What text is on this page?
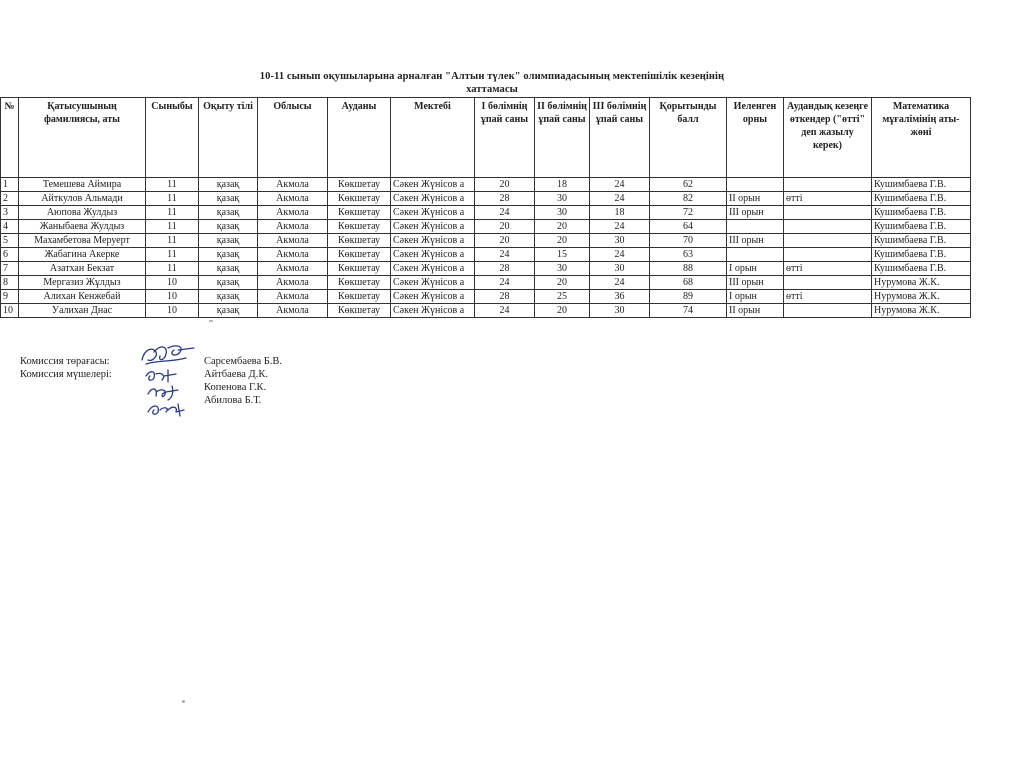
10-11 сынып оқушыларына арналған "Алтын түлек" олимпиадасының мектепішілік кезеңінің
хаттамасы
№	Қатысушының фамилиясы, аты	Сыныбы	Оқыту тілі	Облысы	Ауданы	Мектебі	І бөлімнің ұпай саны	ІІ бөлімнің ұпай саны	ІІІ бөлімнің ұпай саны	Қорытынды балл	Иеленген орны	Аудандық кезеңге өткендер ("өтті" деп жазылу керек)	Математика мұғалімінің аты-жөні
1	Темешева Аймира	11	қазақ	Акмола	Көкшетау	Сәкен Жүнісов а	20	18	24	62			Кушимбаева Г.В.
2	Айткулов Альмади	11	қазақ	Акмола	Көкшетау	Сәкен Жүнісов а	28	30	24	82	ІІ орын	өтті	Кушимбаева Г.В.
3	Аюпова Жулдыз	11	қазақ	Акмола	Көкшетау	Сәкен Жүнісов а	24	30	18	72	ІІІ орын		Кушимбаева Г.В.
4	Жаныбаева Жулдыз	11	қазақ	Акмола	Көкшетау	Сәкен Жүнісов а	20	20	24	64			Кушимбаева Г.В.
5	Махамбетова Меруерт	11	қазақ	Акмола	Көкшетау	Сәкен Жүнісов а	20	20	30	70	ІІІ орын		Кушимбаева Г.В.
6	Жабагина Акерке	11	қазақ	Акмола	Көкшетау	Сәкен Жүнісов а	24	15	24	63			Кушимбаева Г.В.
7	Азатхан Бекзат	11	қазақ	Акмола	Көкшетау	Сәкен Жүнісов а	28	30	30	88	І орын	өтті	Кушимбаева Г.В.
8	Мергазиз Жұлдыз	10	қазақ	Акмола	Көкшетау	Сәкен Жүнісов а	24	20	24	68	ІІІ орын		Нурумова Ж.К.
9	Алихан Кенжебай	10	қазақ	Акмола	Көкшетау	Сәкен Жүнісов а	28	25	36	89	І орын	өтті	Нурумова Ж.К.
10	Уалихан Днас	10	қазақ	Акмола	Көкшетау	Сәкен Жүнісов а	24	20	30	74	ІІ орын		Нурумова Ж.К.
Комиссия төрағасы:
Комиссия мүшелері:
Сарсембаева Б.В.
Айтбаева Д.К.
Копенова Г.К.
Абилова Б.Т.
